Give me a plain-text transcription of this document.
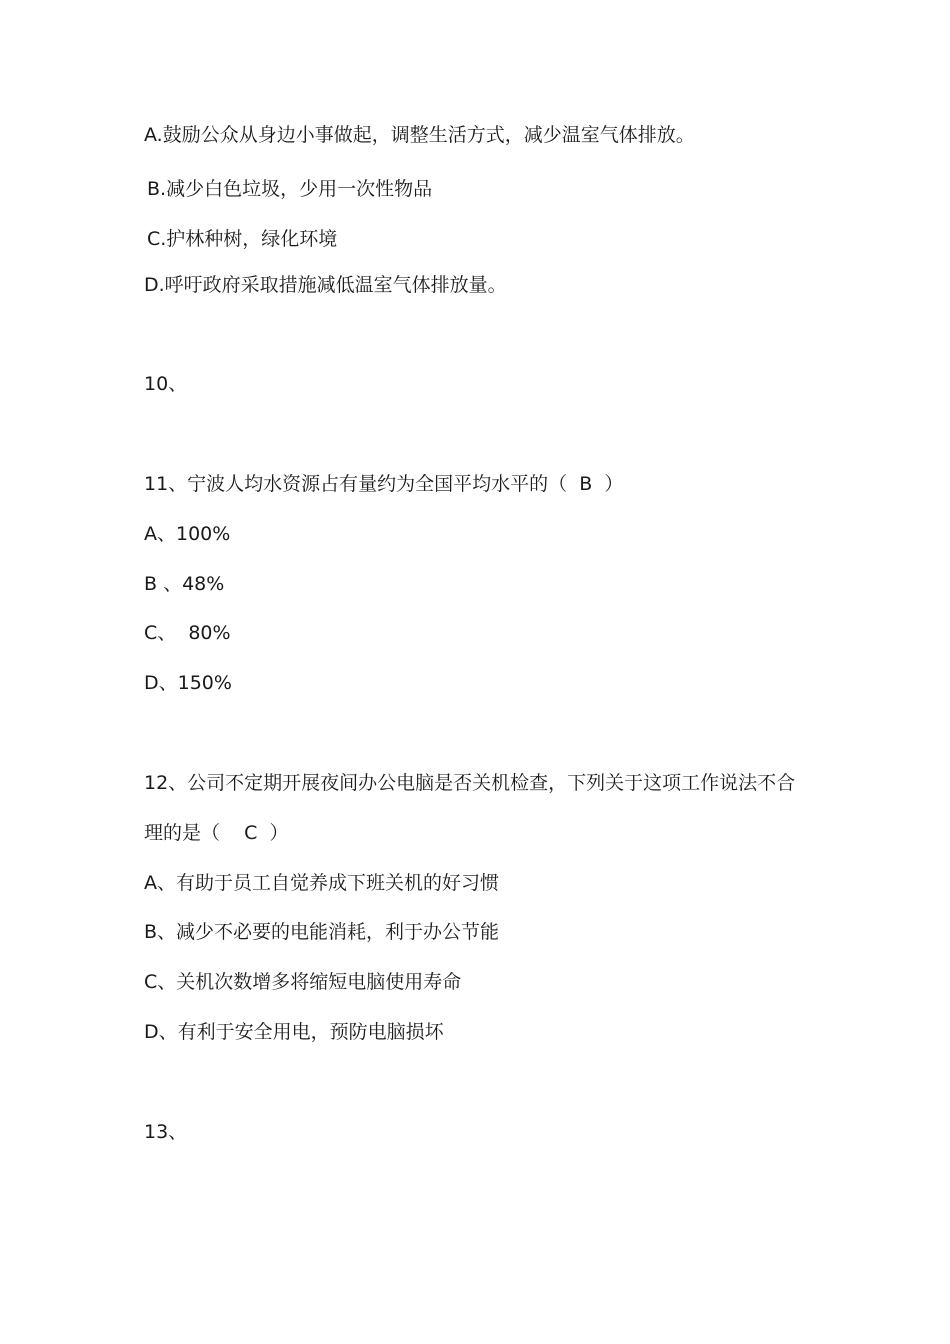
A.鼓励公众从身边小事做起，调整生活方式，减少温室气体排放。

B.减少白色垃圾，少用一次性物品

C.护林种树，绿化环境

D.呼吁政府采取措施减低温室气体排放量。

10、

11、宁波人均水资源占有量约为全国平均水平的（  B  ）

A、100%

B 、48%

C、  80%

D、150%

12、公司不定期开展夜间办公电脑是否关机检查，下列关于这项工作说法不合

理的是（    C  ）

A、有助于员工自觉养成下班关机的好习惯

B、减少不必要的电能消耗，利于办公节能

C、关机次数增多将缩短电脑使用寿命

D、有利于安全用电，预防电脑损坏

13、
